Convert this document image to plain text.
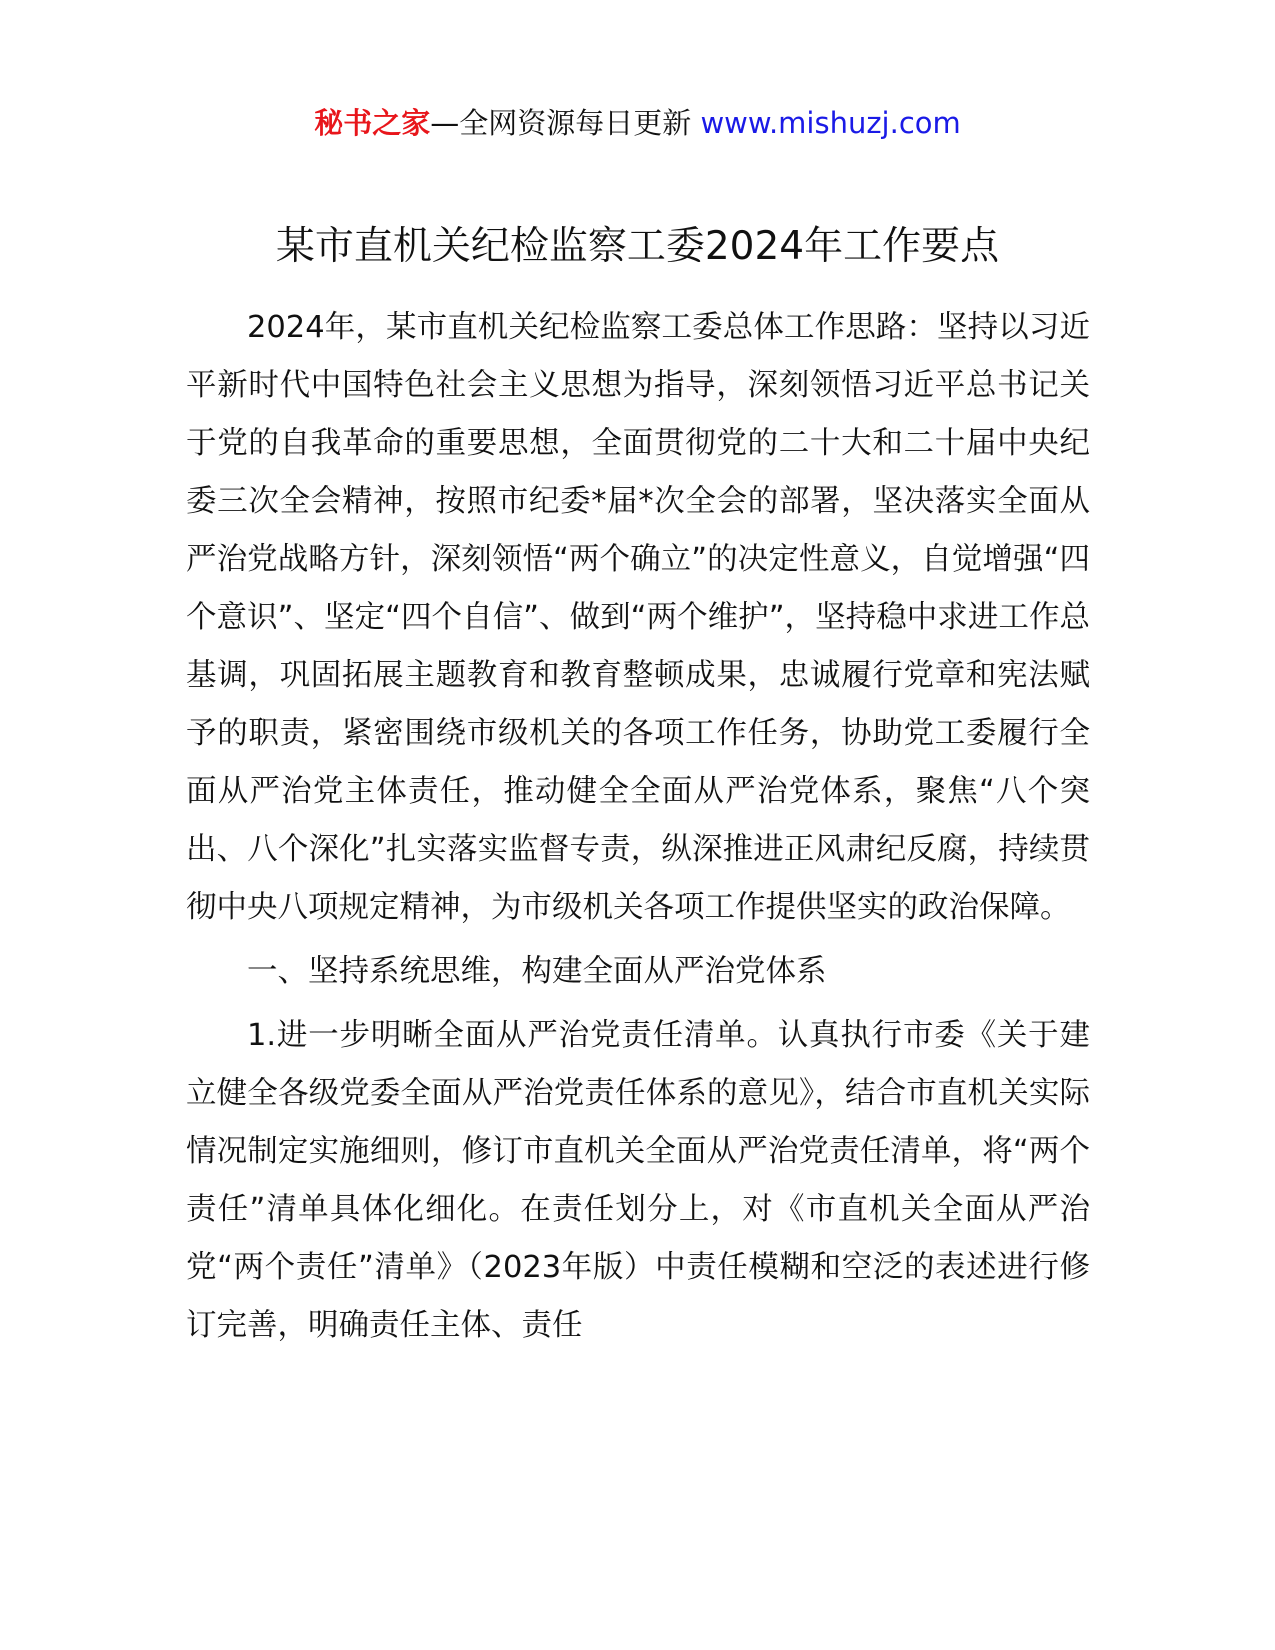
秘书之家—全网资源每日更新 www.mishuzj.com
某市直机关纪检监察工委2024年工作要点

2024年，某市直机关纪检监察工委总体工作思路：坚持以习近平新时代中国特色社会主义思想为指导，深刻领悟习近平总书记关于党的自我革命的重要思想，全面贯彻党的二十大和二十届中央纪委三次全会精神，按照市纪委*届*次全会的部署，坚决落实全面从严治党战略方针，深刻领悟“两个确立”的决定性意义，自觉增强“四个意识”、坚定“四个自信”、做到“两个维护”，坚持稳中求进工作总基调，巩固拓展主题教育和教育整顿成果，忠诚履行党章和宪法赋予的职责，紧密围绕市级机关的各项工作任务，协助党工委履行全面从严治党主体责任，推动健全全面从严治党体系，聚焦“八个突出、八个深化”扎实落实监督专责，纵深推进正风肃纪反腐，持续贯彻中央八项规定精神，为市级机关各项工作提供坚实的政治保障。

一、坚持系统思维，构建全面从严治党体系

1.进一步明晰全面从严治党责任清单。认真执行市委《关于建立健全各级党委全面从严治党责任体系的意见》，结合市直机关实际情况制定实施细则，修订市直机关全面从严治党责任清单，将“两个责任”清单具体化细化。在责任划分上，对《市直机关全面从严治党“两个责任”清单》（2023年版）中责任模糊和空泛的表述进行修订完善，明确责任主体、责任
